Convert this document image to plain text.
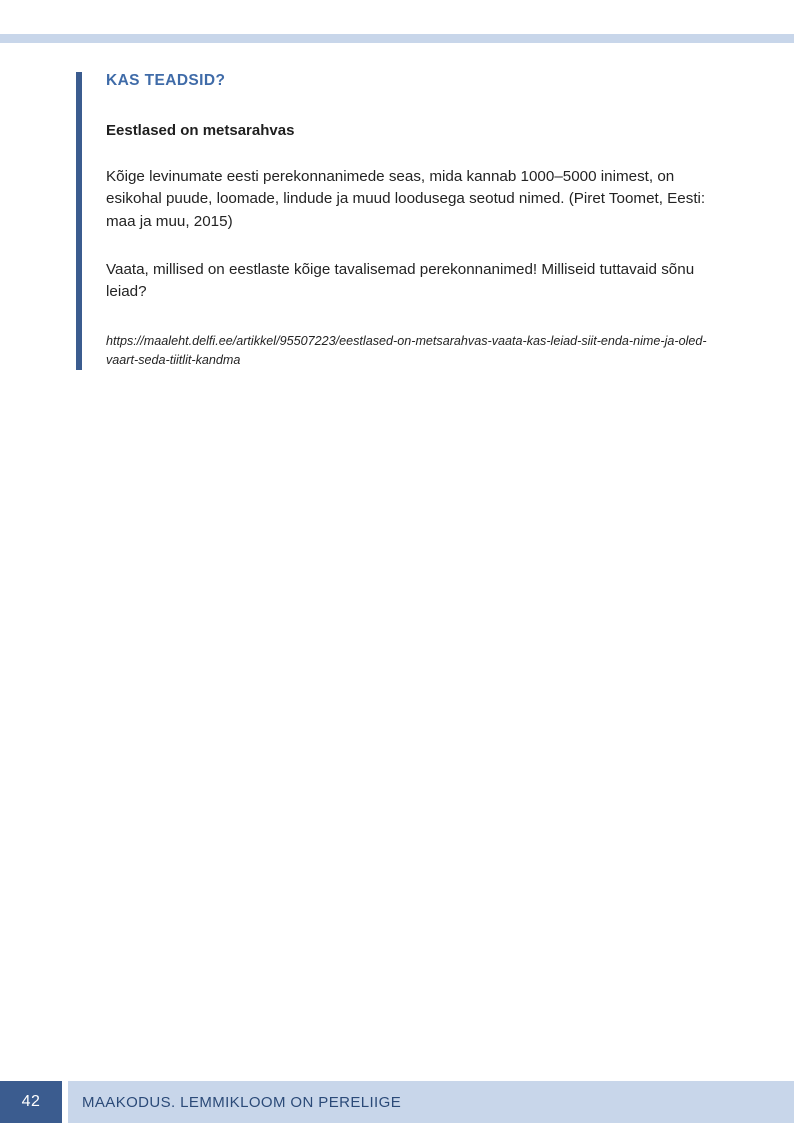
KAS TEADSID?

Eestlased on metsarahvas

Kõige levinumate eesti perekonnanimede seas, mida kannab 1000–5000 inimest, on esikohal puude, loomade, lindude ja muud loodusega seotud nimed. (Piret Toomet, Eesti: maa ja muu, 2015)

Vaata, millised on eestlaste kõige tavalisemad perekonnanimed! Milliseid tuttavaid sõnu leiad?

https://maaleht.delfi.ee/artikkel/95507223/eestlased-on-metsarahvas-vaata-kas-leiad-siit-enda-nime-ja-oled-vaart-seda-tiitlit-kandma

42	MAAKODUS. LEMMIKLOOM ON PERELIIGE
